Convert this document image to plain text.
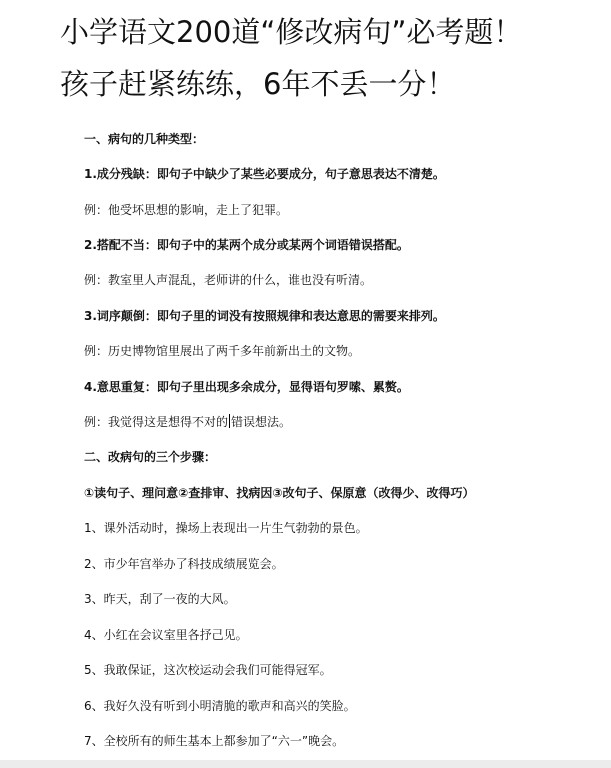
小学语文200道“修改病句”必考题！
孩子赶紧练练，6年不丢一分！
一、病句的几种类型：
1.成分残缺：即句子中缺少了某些必要成分，句子意思表达不清楚。
例：他受坏思想的影响，走上了犯罪。
2.搭配不当：即句子中的某两个成分或某两个词语错误搭配。
例：教室里人声混乱，老师讲的什么，谁也没有听清。
3.词序颠倒：即句子里的词没有按照规律和表达意思的需要来排列。
例：历史博物馆里展出了两千多年前新出土的文物。
4.意思重复：即句子里出现多余成分，显得语句罗嗦、累赘。
例：我觉得这是想得不对的 错误想法。
二、改病句的三个步骤：
①读句子、理问意②查排审、找病因③改句子、保原意（改得少、改得巧）
1、课外活动时，操场上表现出一片生气勃勃的景色。
2、市少年宫举办了科技成绩展览会。
3、昨天，刮了一夜的大风。
4、小红在会议室里各抒己见。
5、我敢保证，这次校运动会我们可能得冠军。
6、我好久没有听到小明清脆的歌声和高兴的笑脸。
7、全校所有的师生基本上都参加了“六一”晚会。
